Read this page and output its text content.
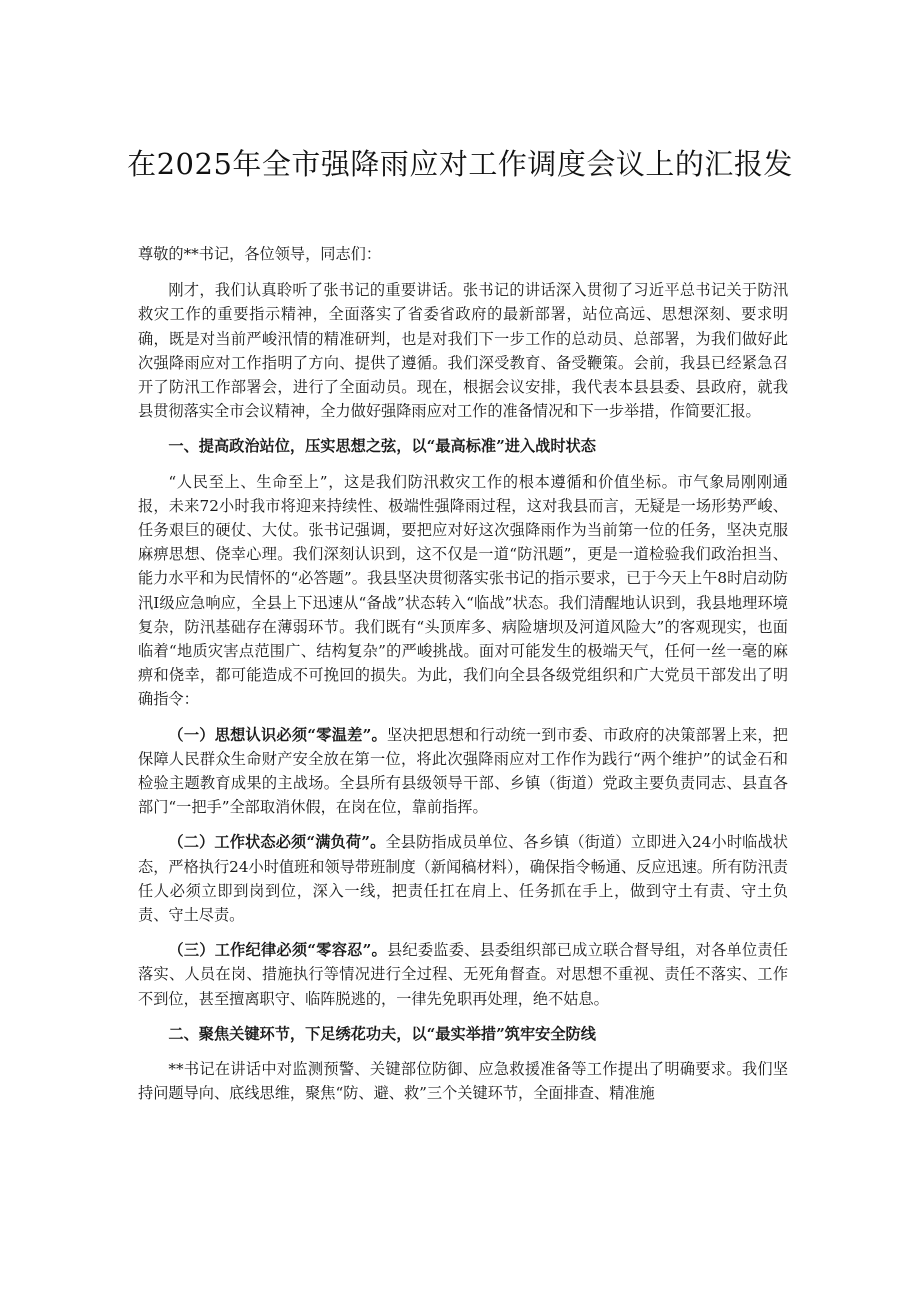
在2025年全市强降雨应对工作调度会议上的汇报发

尊敬的**书记，各位领导，同志们：

刚才，我们认真聆听了张书记的重要讲话。张书记的讲话深入贯彻了习近平总书记关于防汛救灾工作的重要指示精神，全面落实了省委省政府的最新部署，站位高远、思想深刻、要求明确，既是对当前严峻汛情的精准研判，也是对我们下一步工作的总动员、总部署，为我们做好此次强降雨应对工作指明了方向、提供了遵循。我们深受教育、备受鞭策。会前，我县已经紧急召开了防汛工作部署会，进行了全面动员。现在，根据会议安排，我代表本县县委、县政府，就我县贯彻落实全市会议精神，全力做好强降雨应对工作的准备情况和下一步举措，作简要汇报。

一、提高政治站位，压实思想之弦，以“最高标准”进入战时状态

“人民至上、生命至上”，这是我们防汛救灾工作的根本遵循和价值坐标。市气象局刚刚通报，未来72小时我市将迎来持续性、极端性强降雨过程，这对我县而言，无疑是一场形势严峻、任务艰巨的硬仗、大仗。张书记强调，要把应对好这次强降雨作为当前第一位的任务，坚决克服麻痹思想、侥幸心理。我们深刻认识到，这不仅是一道“防汛题”，更是一道检验我们政治担当、能力水平和为民情怀的“必答题”。我县坚决贯彻落实张书记的指示要求，已于今天上午8时启动防汛Ⅰ级应急响应，全县上下迅速从“备战”状态转入“临战”状态。我们清醒地认识到，我县地理环境复杂，防汛基础存在薄弱环节。我们既有“头顶库多、病险塘坝及河道风险大”的客观现实，也面临着“地质灾害点范围广、结构复杂”的严峻挑战。面对可能发生的极端天气，任何一丝一毫的麻痹和侥幸，都可能造成不可挽回的损失。为此，我们向全县各级党组织和广大党员干部发出了明确指令：

（一）思想认识必须“零温差”。坚决把思想和行动统一到市委、市政府的决策部署上来，把保障人民群众生命财产安全放在第一位，将此次强降雨应对工作作为践行“两个维护”的试金石和检验主题教育成果的主战场。全县所有县级领导干部、乡镇（街道）党政主要负责同志、县直各部门“一把手”全部取消休假，在岗在位，靠前指挥。

（二）工作状态必须“满负荷”。全县防指成员单位、各乡镇（街道）立即进入24小时临战状态，严格执行24小时值班和领导带班制度（新闻稿材料），确保指令畅通、反应迅速。所有防汛责任人必须立即到岗到位，深入一线，把责任扛在肩上、任务抓在手上，做到守土有责、守土负责、守土尽责。

（三）工作纪律必须“零容忍”。县纪委监委、县委组织部已成立联合督导组，对各单位责任落实、人员在岗、措施执行等情况进行全过程、无死角督查。对思想不重视、责任不落实、工作不到位，甚至擅离职守、临阵脱逃的，一律先免职再处理，绝不姑息。

二、聚焦关键环节，下足绣花功夫，以“最实举措”筑牢安全防线

**书记在讲话中对监测预警、关键部位防御、应急救援准备等工作提出了明确要求。我们坚持问题导向、底线思维，聚焦“防、避、救”三个关键环节，全面排查、精准施
